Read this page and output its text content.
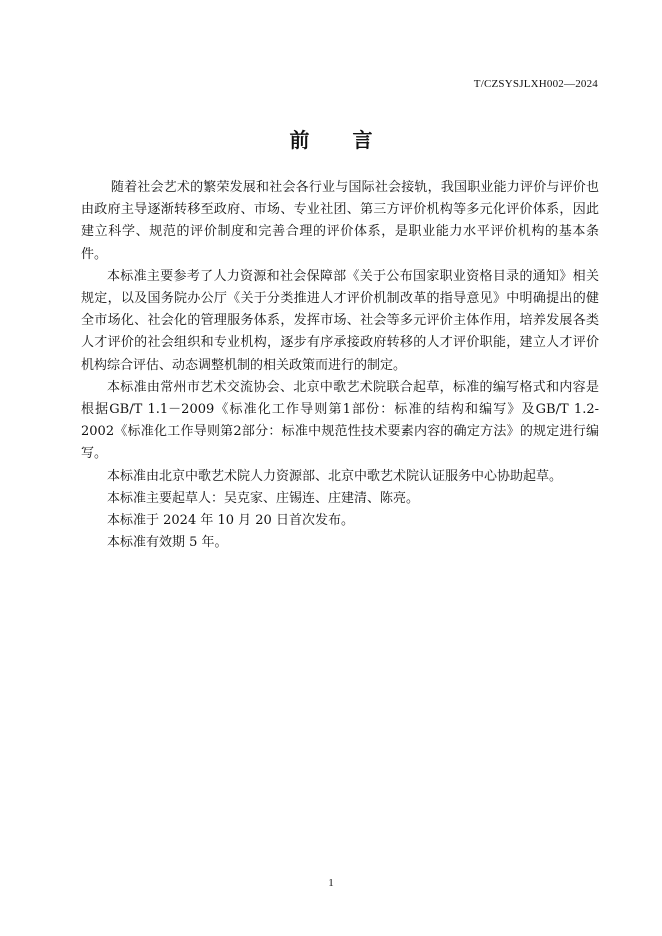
T/CZSYSJLXH002—2024
前 言

随着社会艺术的繁荣发展和社会各行业与国际社会接轨，我国职业能力评价与评价也由政府主导逐渐转移至政府、市场、专业社团、第三方评价机构等多元化评价体系，因此建立科学、规范的评价制度和完善合理的评价体系，是职业能力水平评价机构的基本条件。

本标准主要参考了人力资源和社会保障部《关于公布国家职业资格目录的通知》相关规定，以及国务院办公厅《关于分类推进人才评价机制改革的指导意见》中明确提出的健全市场化、社会化的管理服务体系，发挥市场、社会等多元评价主体作用，培养发展各类人才评价的社会组织和专业机构，逐步有序承接政府转移的人才评价职能，建立人才评价机构综合评估、动态调整机制的相关政策而进行的制定。

本标准由常州市艺术交流协会、北京中歌艺术院联合起草，标准的编写格式和内容是根据GB/T 1.1－2009《标准化工作导则第1部份：标准的结构和编写》及GB/T 1.2-2002《标准化工作导则第2部分：标准中规范性技术要素内容的确定方法》的规定进行编写。

本标准由北京中歌艺术院人力资源部、北京中歌艺术院认证服务中心协助起草。

本标准主要起草人：吴克家、庄锡连、庄建清、陈亮。

本标准于 2024 年 10 月 20 日首次发布。

本标准有效期 5 年。

1
